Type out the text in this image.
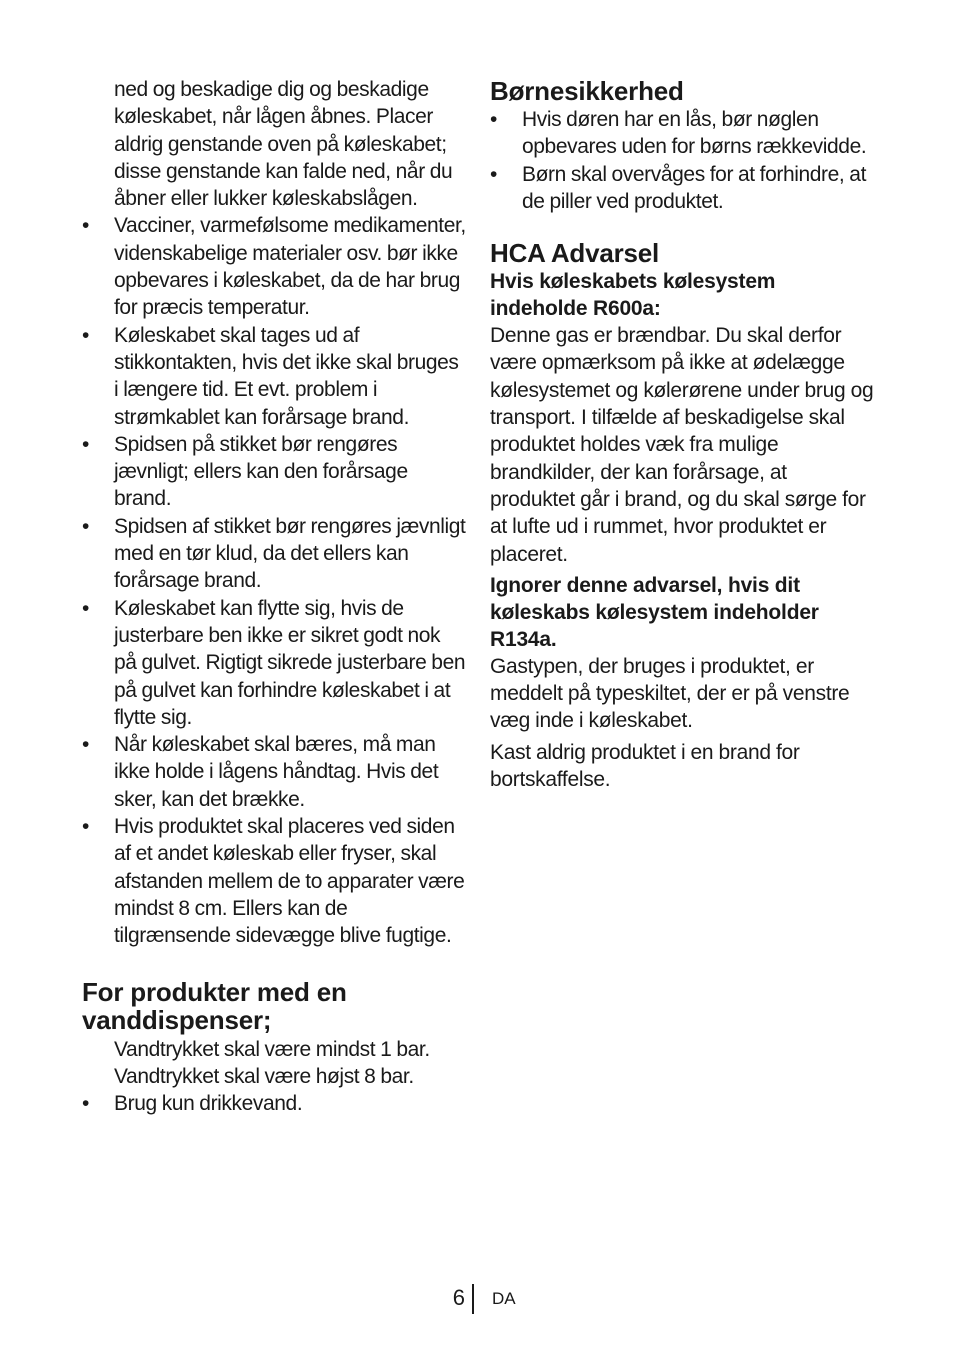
ned og beskadige dig og beskadige køleskabet, når lågen åbnes. Placer aldrig genstande oven på køleskabet; disse genstande kan falde ned, når du åbner eller lukker køleskabslågen.

•	Vacciner, varmefølsome medikamenter, videnskabelige materialer osv. bør ikke opbevares i køleskabet, da de har brug for præcis temperatur.
•	Køleskabet skal tages ud af stikkontakten, hvis det ikke skal bruges i længere tid. Et evt. problem i strømkablet kan forårsage brand.
•	Spidsen på stikket bør rengøres jævnligt; ellers kan den forårsage brand.
•	Spidsen af stikket bør rengøres jævnligt med en tør klud, da det ellers kan forårsage brand.
•	Køleskabet kan flytte sig, hvis de justerbare ben ikke er sikret godt nok på gulvet. Rigtigt sikrede justerbare ben på gulvet kan forhindre køleskabet i at flytte sig.
•	Når køleskabet skal bæres, må man ikke holde i lågens håndtag. Hvis det sker, kan det brække.
•	Hvis produktet skal placeres ved siden af et andet køleskab eller fryser, skal afstanden mellem de to apparater være mindst 8 cm. Ellers kan de tilgrænsende sidevægge blive fugtige.
For produkter med en vanddispenser;

Vandtrykket skal være mindst 1 bar.

Vandtrykket skal være højst 8 bar.

•	Brug kun drikkevand.
Børnesikkerhed
•	Hvis døren har en lås, bør nøglen opbevares uden for børns rækkevidde.
•	Børn skal overvåges for at forhindre, at de piller ved produktet.
HCA Advarsel

Hvis køleskabets kølesystem indeholde R600a:

Denne gas er brændbar. Du skal derfor være opmærksom på ikke at ødelægge kølesystemet og kølerørene under brug og transport. I tilfælde af beskadigelse skal produktet holdes væk fra mulige brandkilder, der kan forårsage, at produktet går i brand, og du skal sørge for at lufte ud i rummet, hvor produktet er placeret.

Ignorer denne advarsel, hvis dit køleskabs kølesystem indeholder R134a.

Gastypen, der bruges i produktet, er meddelt på typeskiltet, der er på venstre væg inde i køleskabet.

Kast aldrig produktet i en brand for bortskaffelse.

6 DA
